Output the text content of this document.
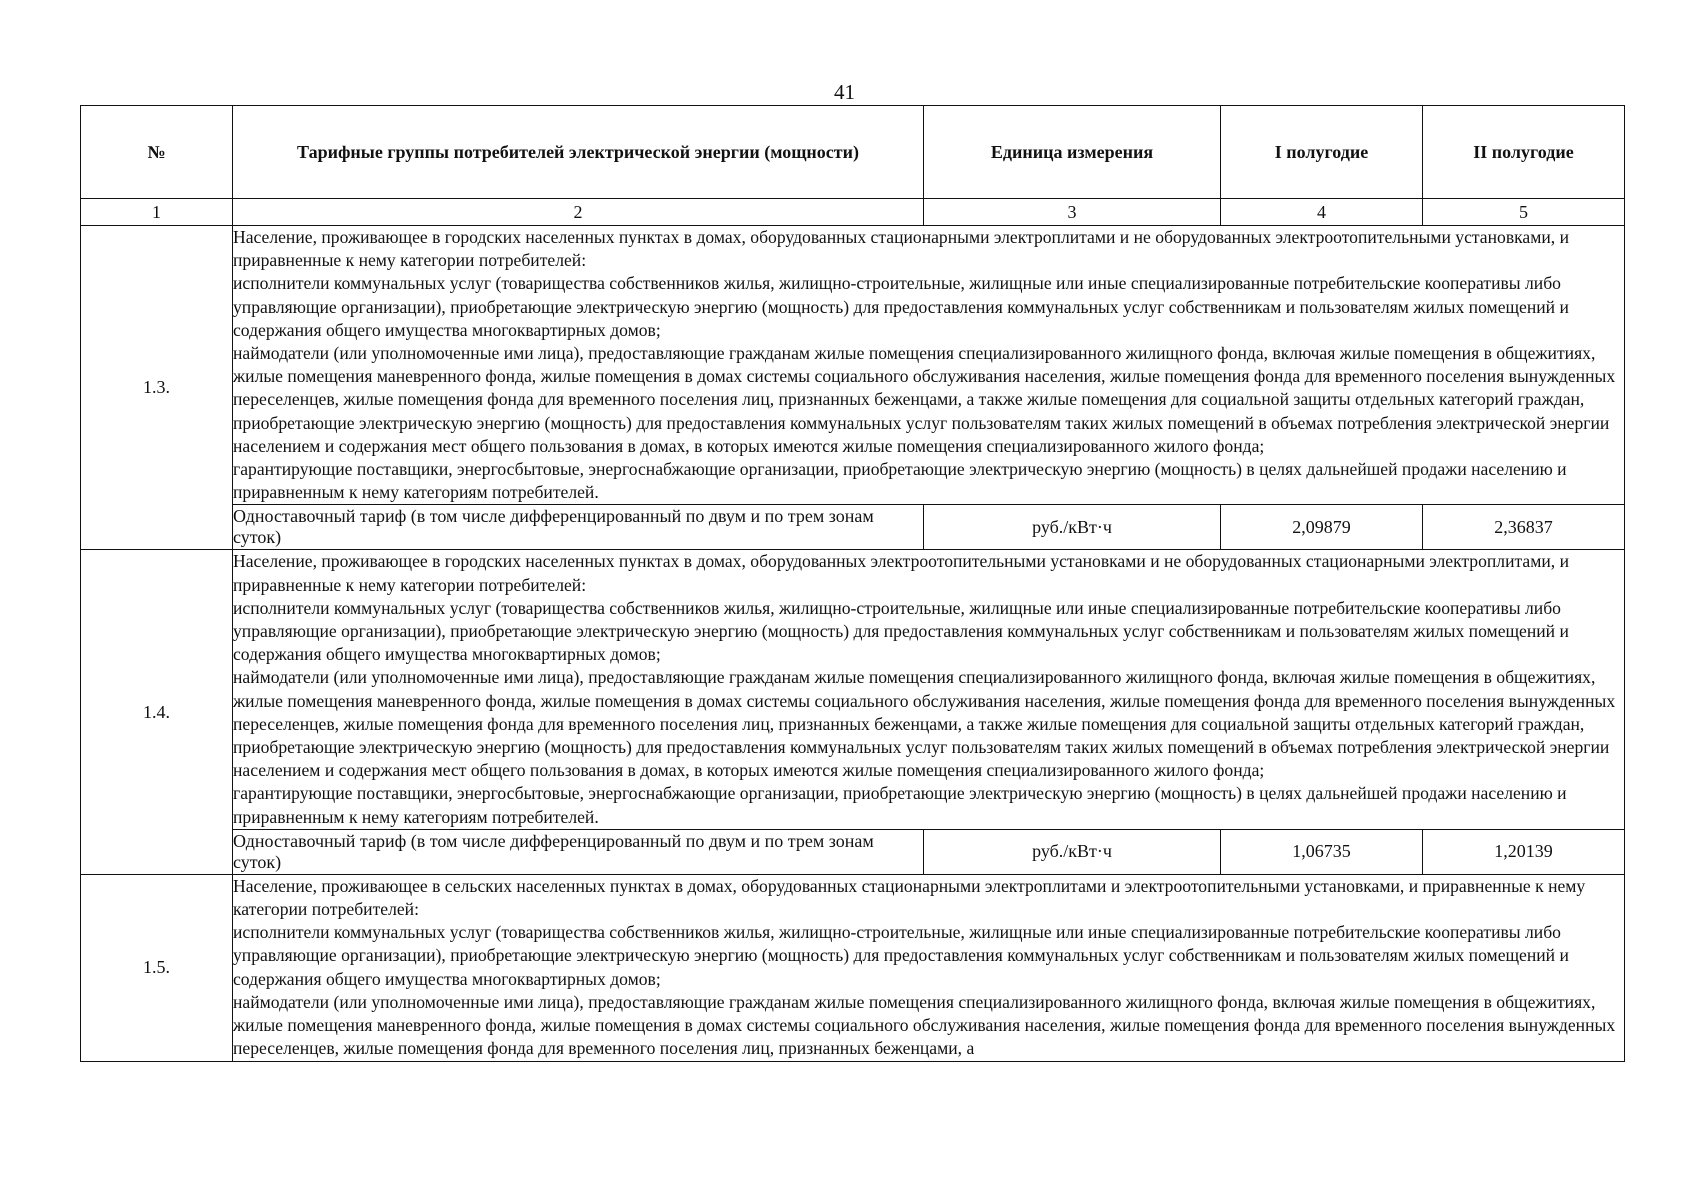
41
№	Тарифные группы потребителей электрической энергии (мощности)	Единица измерения	I полугодие	II полугодие
1	2	3	4	5
1.3.	Население, проживающее в городских населенных пунктах в домах, оборудованных стационарными электроплитами и не оборудованных электроотопительными установками, и приравненные к нему категории потребителей:

исполнители коммунальных услуг (товарищества собственников жилья, жилищно-строительные, жилищные или иные специализированные потребительские кооперативы либо управляющие организации), приобретающие электрическую энергию (мощность) для предоставления коммунальных услуг собственникам и пользователям жилых помещений и содержания общего имущества многоквартирных домов;

наймодатели (или уполномоченные ими лица), предоставляющие гражданам жилые помещения специализированного жилищного фонда, включая жилые помещения в общежитиях, жилые помещения маневренного фонда, жилые помещения в домах системы социального обслуживания населения, жилые помещения фонда для временного поселения вынужденных переселенцев, жилые помещения фонда для временного поселения лиц, признанных беженцами, а также жилые помещения для социальной защиты отдельных категорий граждан, приобретающие электрическую энергию (мощность) для предоставления коммунальных услуг пользователям таких жилых помещений в объемах потребления электрической энергии населением и содержания мест общего пользования в домах, в которых имеются жилые помещения специализированного жилого фонда;

гарантирующие поставщики, энергосбытовые, энергоснабжающие организации, приобретающие электрическую энергию (мощность) в целях дальнейшей продажи населению и приравненным к нему категориям потребителей.			

	Одноставочный тариф (в том числе дифференцированный по двум и по трем зонам суток)	руб./кВт·ч	2,09879	2,36837
1.4.	Население, проживающее в городских населенных пунктах в домах, оборудованных электроотопительными установками и не оборудованных стационарными электроплитами, и приравненные к нему категории потребителей:

исполнители коммунальных услуг (товарищества собственников жилья, жилищно-строительные, жилищные или иные специализированные потребительские кооперативы либо управляющие организации), приобретающие электрическую энергию (мощность) для предоставления коммунальных услуг собственникам и пользователям жилых помещений и содержания общего имущества многоквартирных домов;

наймодатели (или уполномоченные ими лица), предоставляющие гражданам жилые помещения специализированного жилищного фонда, включая жилые помещения в общежитиях, жилые помещения маневренного фонда, жилые помещения в домах системы социального обслуживания населения, жилые помещения фонда для временного поселения вынужденных переселенцев, жилые помещения фонда для временного поселения лиц, признанных беженцами, а также жилые помещения для социальной защиты отдельных категорий граждан, приобретающие электрическую энергию (мощность) для предоставления коммунальных услуг пользователям таких жилых помещений в объемах потребления электрической энергии населением и содержания мест общего пользования в домах, в которых имеются жилые помещения специализированного жилого фонда;

гарантирующие поставщики, энергосбытовые, энергоснабжающие организации, приобретающие электрическую энергию (мощность) в целях дальнейшей продажи населению и приравненным к нему категориям потребителей.			

	Одноставочный тариф (в том числе дифференцированный по двум и по трем зонам суток)	руб./кВт·ч	1,06735	1,20139
1.5.	Население, проживающее в сельских населенных пунктах в домах, оборудованных стационарными электроплитами и электроотопительными установками, и приравненные к нему категории потребителей:

исполнители коммунальных услуг (товарищества собственников жилья, жилищно-строительные, жилищные или иные специализированные потребительские кооперативы либо управляющие организации), приобретающие электрическую энергию (мощность) для предоставления коммунальных услуг собственникам и пользователям жилых помещений и содержания общего имущества многоквартирных домов;

наймодатели (или уполномоченные ими лица), предоставляющие гражданам жилые помещения специализированного жилищного фонда, включая жилые помещения в общежитиях, жилые помещения маневренного фонда, жилые помещения в домах системы социального обслуживания населения, жилые помещения фонда для временного поселения вынужденных переселенцев, жилые помещения фонда для временного поселения лиц, признанных беженцами, а			
